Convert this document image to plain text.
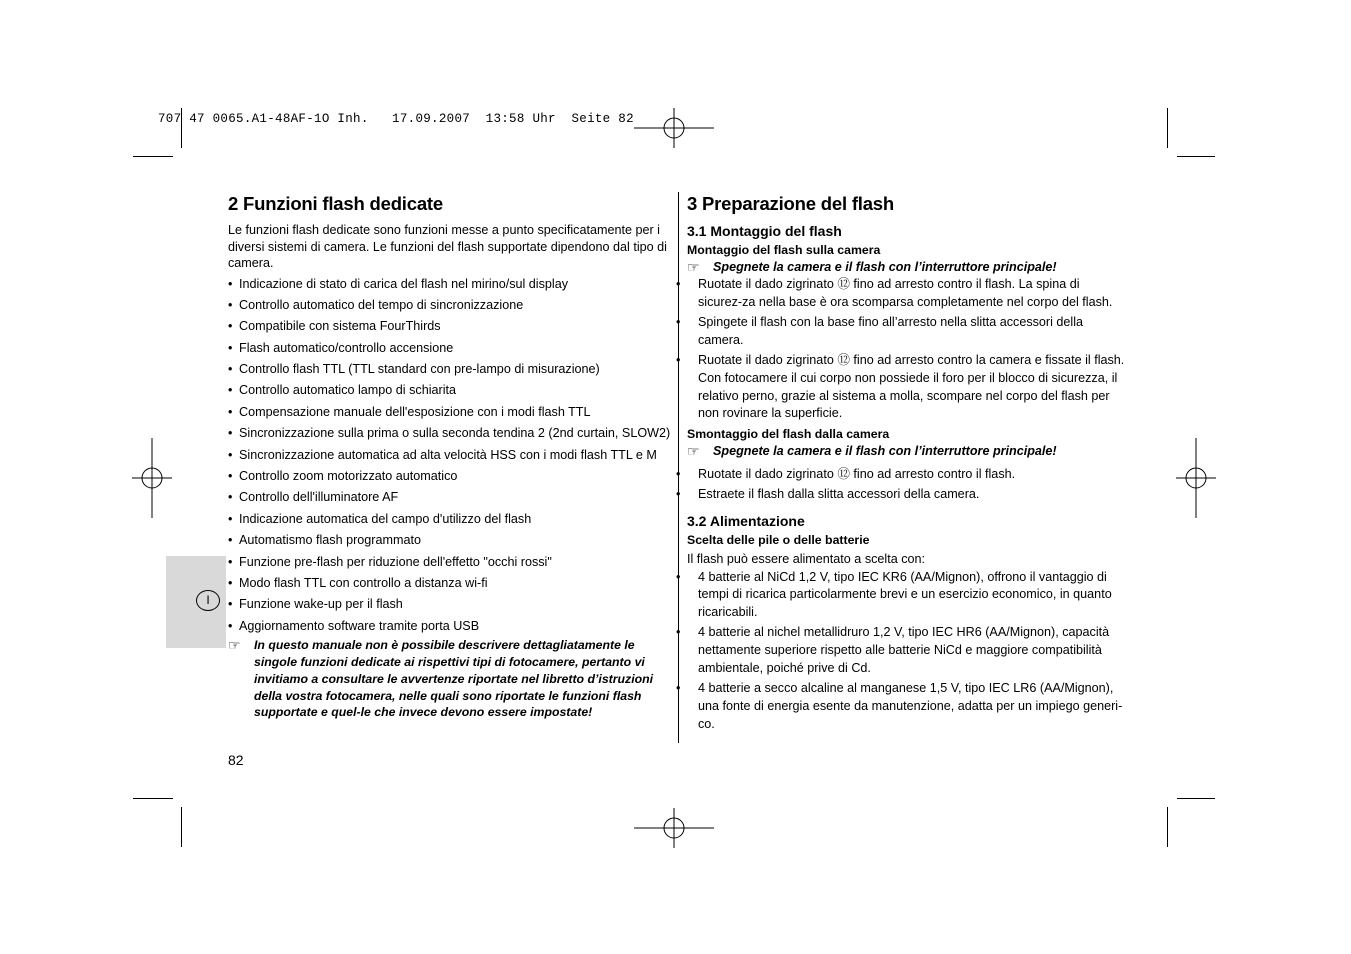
707 47 0065.A1-48AF-1O Inh.   17.09.2007  13:58 Uhr  Seite 82
I
2 Funzioni flash dedicate

Le funzioni flash dedicate sono funzioni messe a punto specificatamente per i diversi sistemi di camera. Le funzioni del flash supportate dipendono dal tipo di camera.

• Indicazione di stato di carica del flash nel mirino/sul display
• Controllo automatico del tempo di sincronizzazione
• Compatibile con sistema FourThirds
• Flash automatico/controllo accensione
• Controllo flash TTL (TTL standard con pre-lampo di misurazione)
• Controllo automatico lampo di schiarita
• Compensazione manuale dell'esposizione con i modi flash TTL
• Sincronizzazione sulla prima o sulla seconda tendina 2 (2nd curtain, SLOW2)
• Sincronizzazione automatica ad alta velocità HSS con i modi flash TTL e M
• Controllo zoom motorizzato automatico
• Controllo dell'illuminatore AF
• Indicazione automatica del campo d'utilizzo del flash
• Automatismo flash programmato
• Funzione pre-flash per riduzione dell'effetto "occhi rossi"
• Modo flash TTL con controllo a distanza wi-fi
• Funzione wake-up per il flash
• Aggiornamento software tramite porta USB
☞	In questo manuale non è possibile descrivere dettagliatamente le singole funzioni dedicate ai rispettivi tipi di fotocamere, pertanto vi invitiamo a consultare le avvertenze riportate nel libretto d’istruzioni della vostra fotocamera, nelle quali sono riportate le funzioni flash supportate e quel-le che invece devono essere impostate!
3 Preparazione del flash
3.1 Montaggio del flash
Montaggio del flash sulla camera
☞	Spegnete la camera e il flash con l’interruttore principale!
• Ruotate il dado zigrinato ⑫ fino ad arresto contro il flash. La spina di sicurez-za nella base è ora scomparsa completamente nel corpo del flash.
• Spingete il flash con la base fino all’arresto nella slitta accessori della camera.
• Ruotate il dado zigrinato ⑫ fino ad arresto contro la camera e fissate il flash. Con fotocamere il cui corpo non possiede il foro per il blocco di sicurezza, il relativo perno, grazie al sistema a molla, scompare nel corpo del flash per non rovinare la superficie.
Smontaggio del flash dalla camera
☞	Spegnete la camera e il flash con l’interruttore principale!
• Ruotate il dado zigrinato ⑫ fino ad arresto contro il flash.
• Estraete il flash dalla slitta accessori della camera.
3.2 Alimentazione
Scelta delle pile o delle batterie

Il flash può essere alimentato a scelta con:

• 4 batterie al NiCd 1,2 V, tipo IEC KR6 (AA/Mignon), offrono il vantaggio di tempi di ricarica particolarmente brevi e un esercizio economico, in quanto ricaricabili.
• 4 batterie al nichel metallidruro 1,2 V, tipo IEC HR6 (AA/Mignon), capacità nettamente superiore rispetto alle batterie NiCd e maggiore compatibilità ambientale, poiché prive di Cd.
• 4 batterie a secco alcaline al manganese 1,5 V, tipo IEC LR6 (AA/Mignon), una fonte di energia esente da manutenzione, adatta per un impiego generi-co.
82
